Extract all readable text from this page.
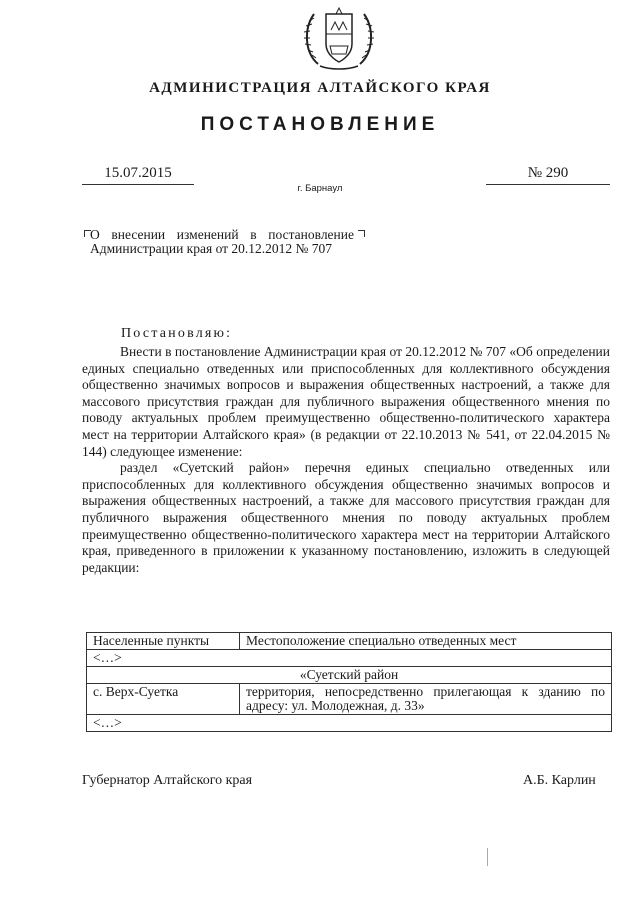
АДМИНИСТРАЦИЯ АЛТАЙСКОГО КРАЯ
ПОСТАНОВЛЕНИЕ
15.07.2015	№ 290
г. Барнаул
О внесении изменений в постановление Администрации края от 20.12.2012 № 707
Постановляю:

Внести в постановление Администрации края от 20.12.2012 № 707 «Об определении единых специально отведенных или приспособленных для коллективного обсуждения общественно значимых вопросов и выражения общественных настроений, а также для массового присутствия граждан для публичного выражения общественного мнения по поводу актуальных проблем преимущественно общественно-политического характера мест на территории Алтайского края» (в редакции от 22.10.2013 № 541, от 22.04.2015 № 144) следующее изменение:

раздел «Суетский район» перечня единых специально отведенных или приспособленных для коллективного обсуждения общественно значимых вопросов и выражения общественных настроений, а также для массового присутствия граждан для публичного выражения общественного мнения по поводу актуальных проблем преимущественно общественно-политического характера мест на территории Алтайского края, приведенного в приложении к указанному постановлению, изложить в следующей редакции:

Населенные пункты	Местоположение специально отведенных мест
<…>	
«Суетский район	
с. Верх-Суетка	территория, непосредственно прилегающая к зданию по адресу: ул. Молодежная, д. 33»
<…>	
Губернатор Алтайского края	А.Б. Карлин
